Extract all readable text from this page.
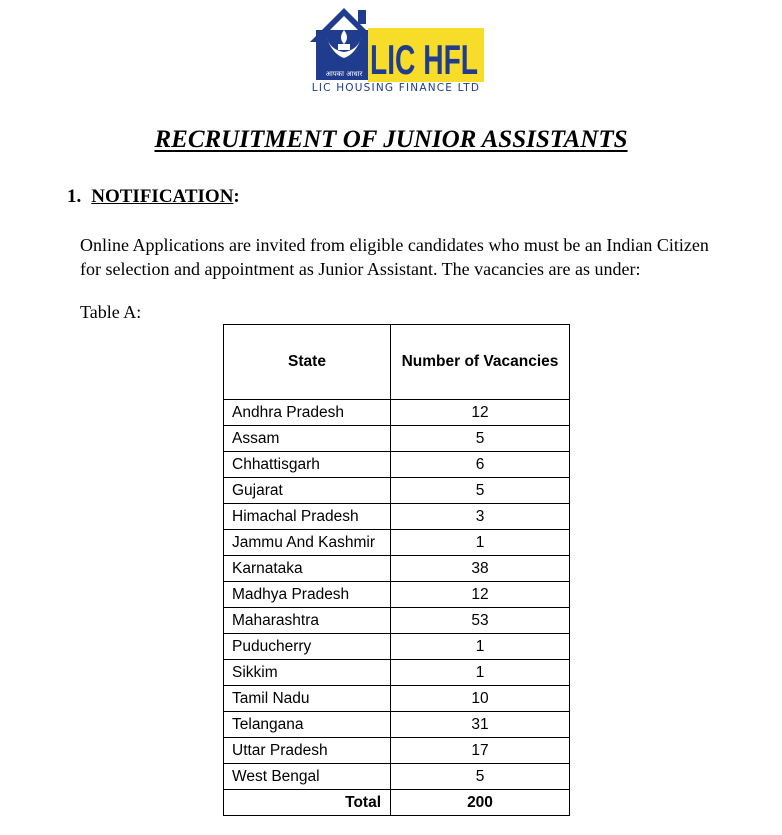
आपका आधार LIC HFL
LIC HOUSING FINANCE LTD
RECRUITMENT OF JUNIOR ASSISTANTS
1. NOTIFICATION:
Online Applications are invited from eligible candidates who must be an Indian Citizen
for selection and appointment as Junior Assistant. The vacancies are as under:
Table A:
State	Number of Vacancies
Andhra Pradesh	12
Assam	5
Chhattisgarh	6
Gujarat	5
Himachal Pradesh	3
Jammu And Kashmir	1
Karnataka	38
Madhya Pradesh	12
Maharashtra	53
Puducherry	1
Sikkim	1
Tamil Nadu	10
Telangana	31
Uttar Pradesh	17
West Bengal	5
Total	200
